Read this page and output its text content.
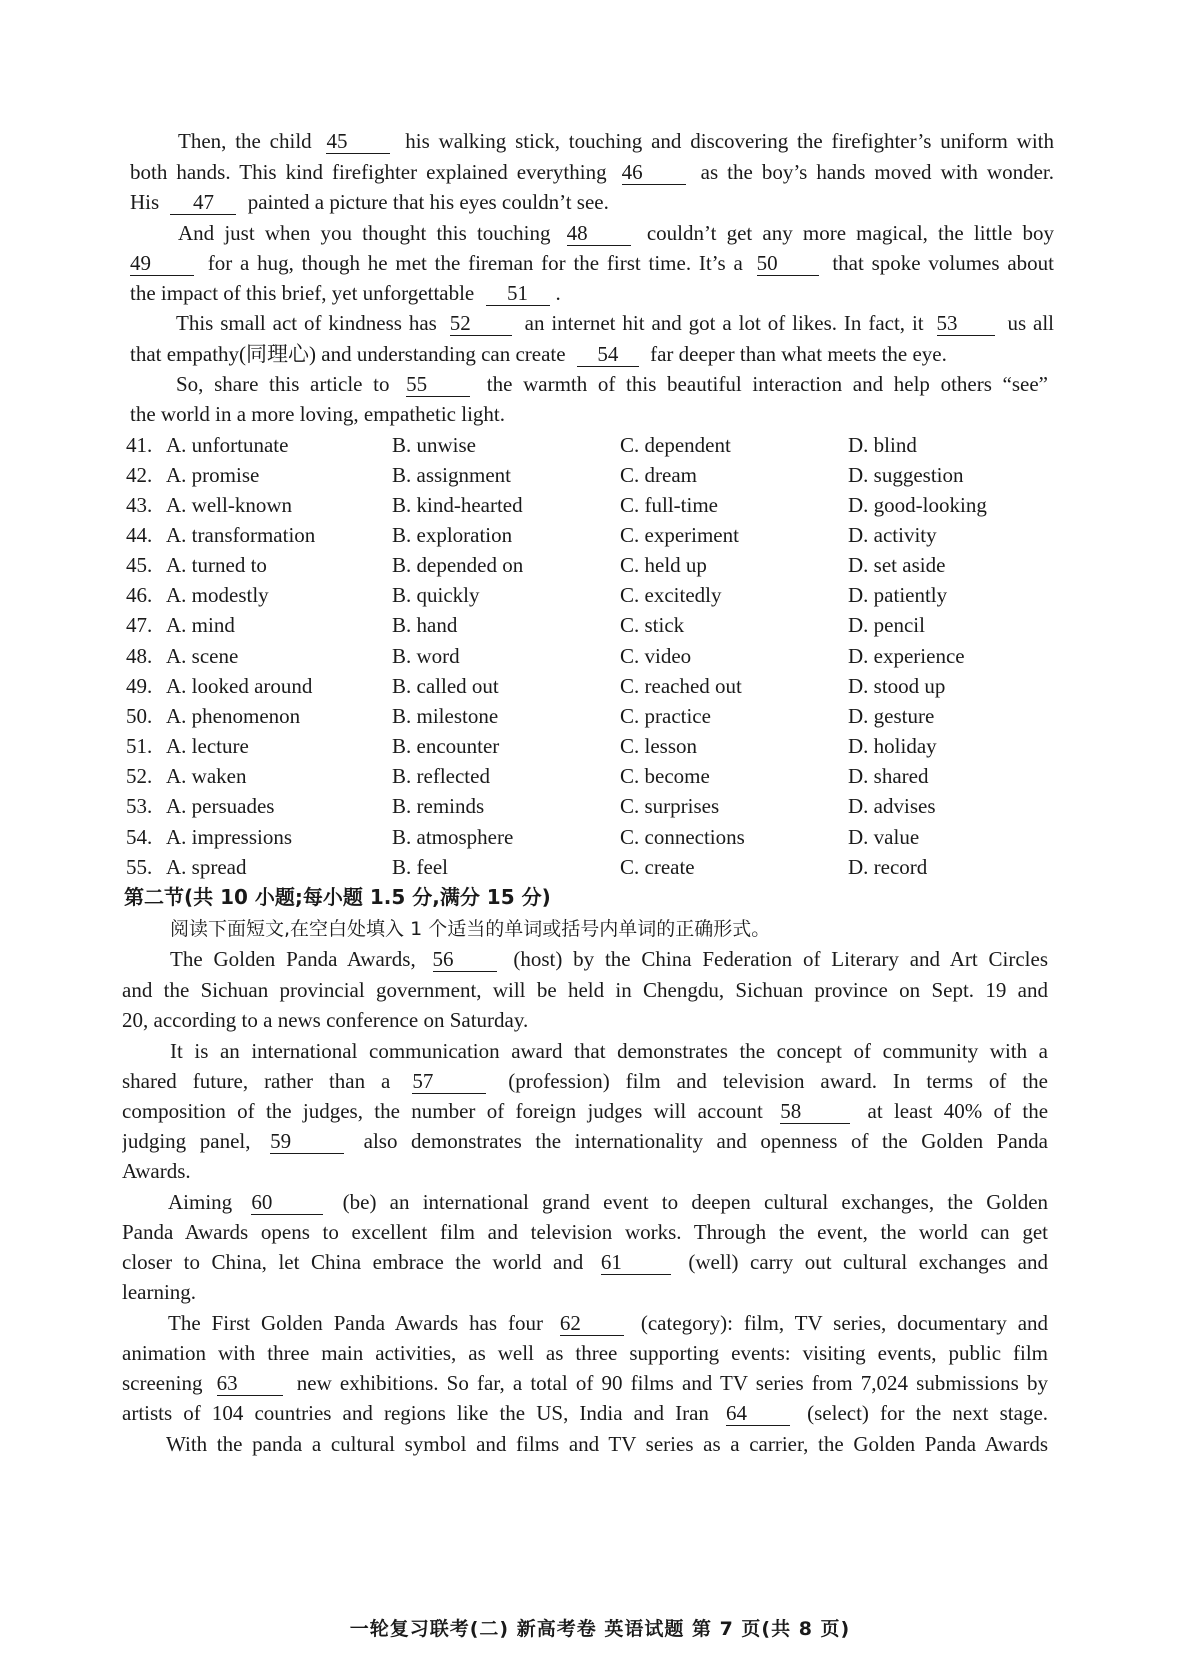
Then, the child 45	his walking stick, touching and discovering the firefighter’s uniform with
both hands. This kind firefighter explained everything 46	as the boy’s hands moved with wonder.
His 47 painted a picture that his eyes couldn’t see.
And just when you thought this touching 48	couldn’t get any more magical, the little boy
49	for a hug, though he met the fireman for the first time. It’s a 50	that spoke volumes about
the impact of this brief, yet unforgettable 51 .
This small act of kindness has 52	an internet hit and got a lot of likes. In fact, it 53 us all
that empathy(同理心) and understanding can create 54 far deeper than what meets the eye.
So, share this article to 55	the warmth of this beautiful interaction and help others “see”
the world in a more loving, empathetic light.
41. A. unfortunate	B. unwise	C. dependent	D. blind
42. A. promise	B. assignment	C. dream	D. suggestion
43. A. well-known	B. kind-hearted	C. full-time	D. good-looking
44. A. transformation	B. exploration	C. experiment	D. activity
45. A. turned to	B. depended on	C. held up	D. set aside
46. A. modestly	B. quickly	C. excitedly	D. patiently
47. A. mind	B. hand	C. stick	D. pencil
48. A. scene	B. word	C. video	D. experience
49. A. looked around	B. called out	C. reached out	D. stood up
50. A. phenomenon	B. milestone	C. practice	D. gesture
51. A. lecture	B. encounter	C. lesson	D. holiday
52. A. waken	B. reflected	C. become	D. shared
53. A. persuades	B. reminds	C. surprises	D. advises
54. A. impressions	B. atmosphere	C. connections	D. value
55. A. spread	B. feel	C. create	D. record
第二节(共 10 小题;每小题 1.5 分,满分 15 分)
阅读下面短文,在空白处填入 1 个适当的单词或括号内单词的正确形式。
The Golden Panda Awards, 56	(host) by the China Federation of Literary and Art Circles
and the Sichuan provincial government, will be held in Chengdu, Sichuan province on Sept. 19 and
20, according to a news conference on Saturday.
It is an international communication award that demonstrates the concept of community with a
shared future, rather than a 57	(profession) film and television award. In terms of the
composition of the judges, the number of foreign judges will account 58	at least 40% of the
judging panel, 59	also demonstrates the internationality and openness of the Golden Panda
Awards.
Aiming 60	(be) an international grand event to deepen cultural exchanges, the Golden
Panda Awards opens to excellent film and television works. Through the event, the world can get
closer to China, let China embrace the world and 61	(well) carry out cultural exchanges and
learning.
The First Golden Panda Awards has four 62	(category): film, TV series, documentary and
animation with three main activities, as well as three supporting events: visiting events, public film
screening 63	new exhibitions. So far, a total of 90 films and TV series from 7,024 submissions by
artists of 104 countries and regions like the US, India and Iran 64	(select) for the next stage.
With the panda a cultural symbol and films and TV series as a carrier, the Golden Panda Awards
一轮复习联考(二) 新高考卷 英语试题 第 7 页(共 8 页)
